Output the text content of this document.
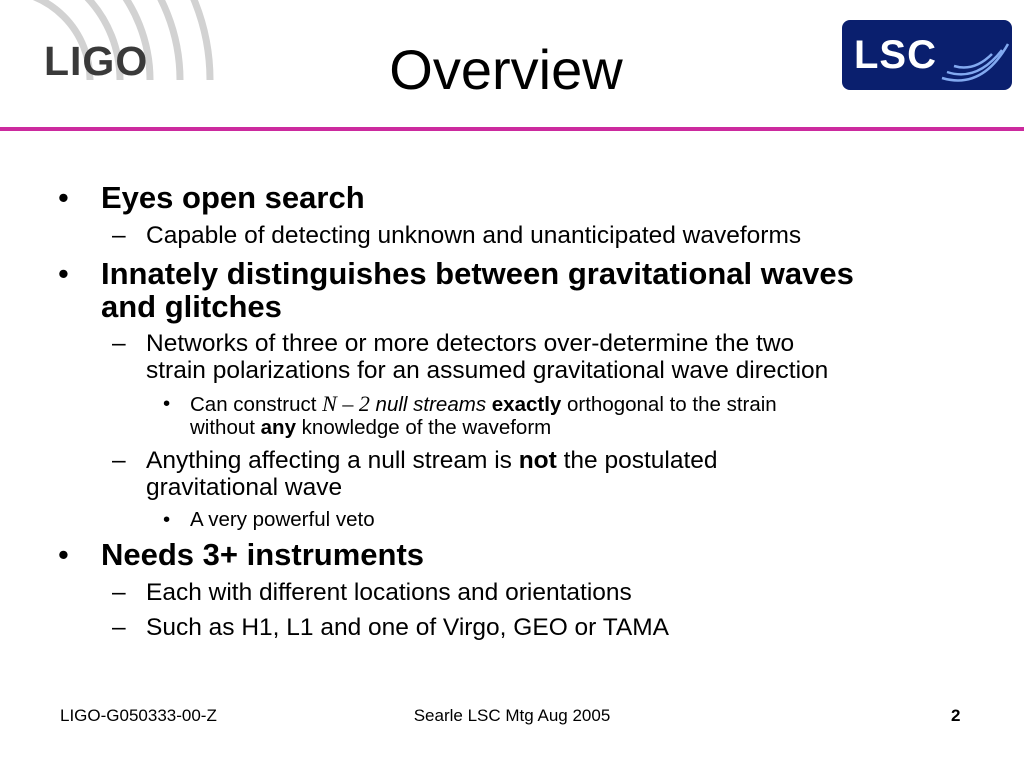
LIGO	Overview	LSC
• Eyes open search
– Capable of detecting unknown and unanticipated waveforms
• Innately distinguishes between gravitational waves
and glitches
– Networks of three or more detectors over-determine the two
strain polarizations for an assumed gravitational wave direction
• Can construct N – 2 null streams exactly orthogonal to the strain
without any knowledge of the waveform
– Anything affecting a null stream is not the postulated
gravitational wave
• A very powerful veto
• Needs 3+ instruments
– Each with different locations and orientations
– Such as H1, L1 and one of Virgo, GEO or TAMA
LIGO-G050333-00-Z	Searle LSC Mtg Aug 2005	2
